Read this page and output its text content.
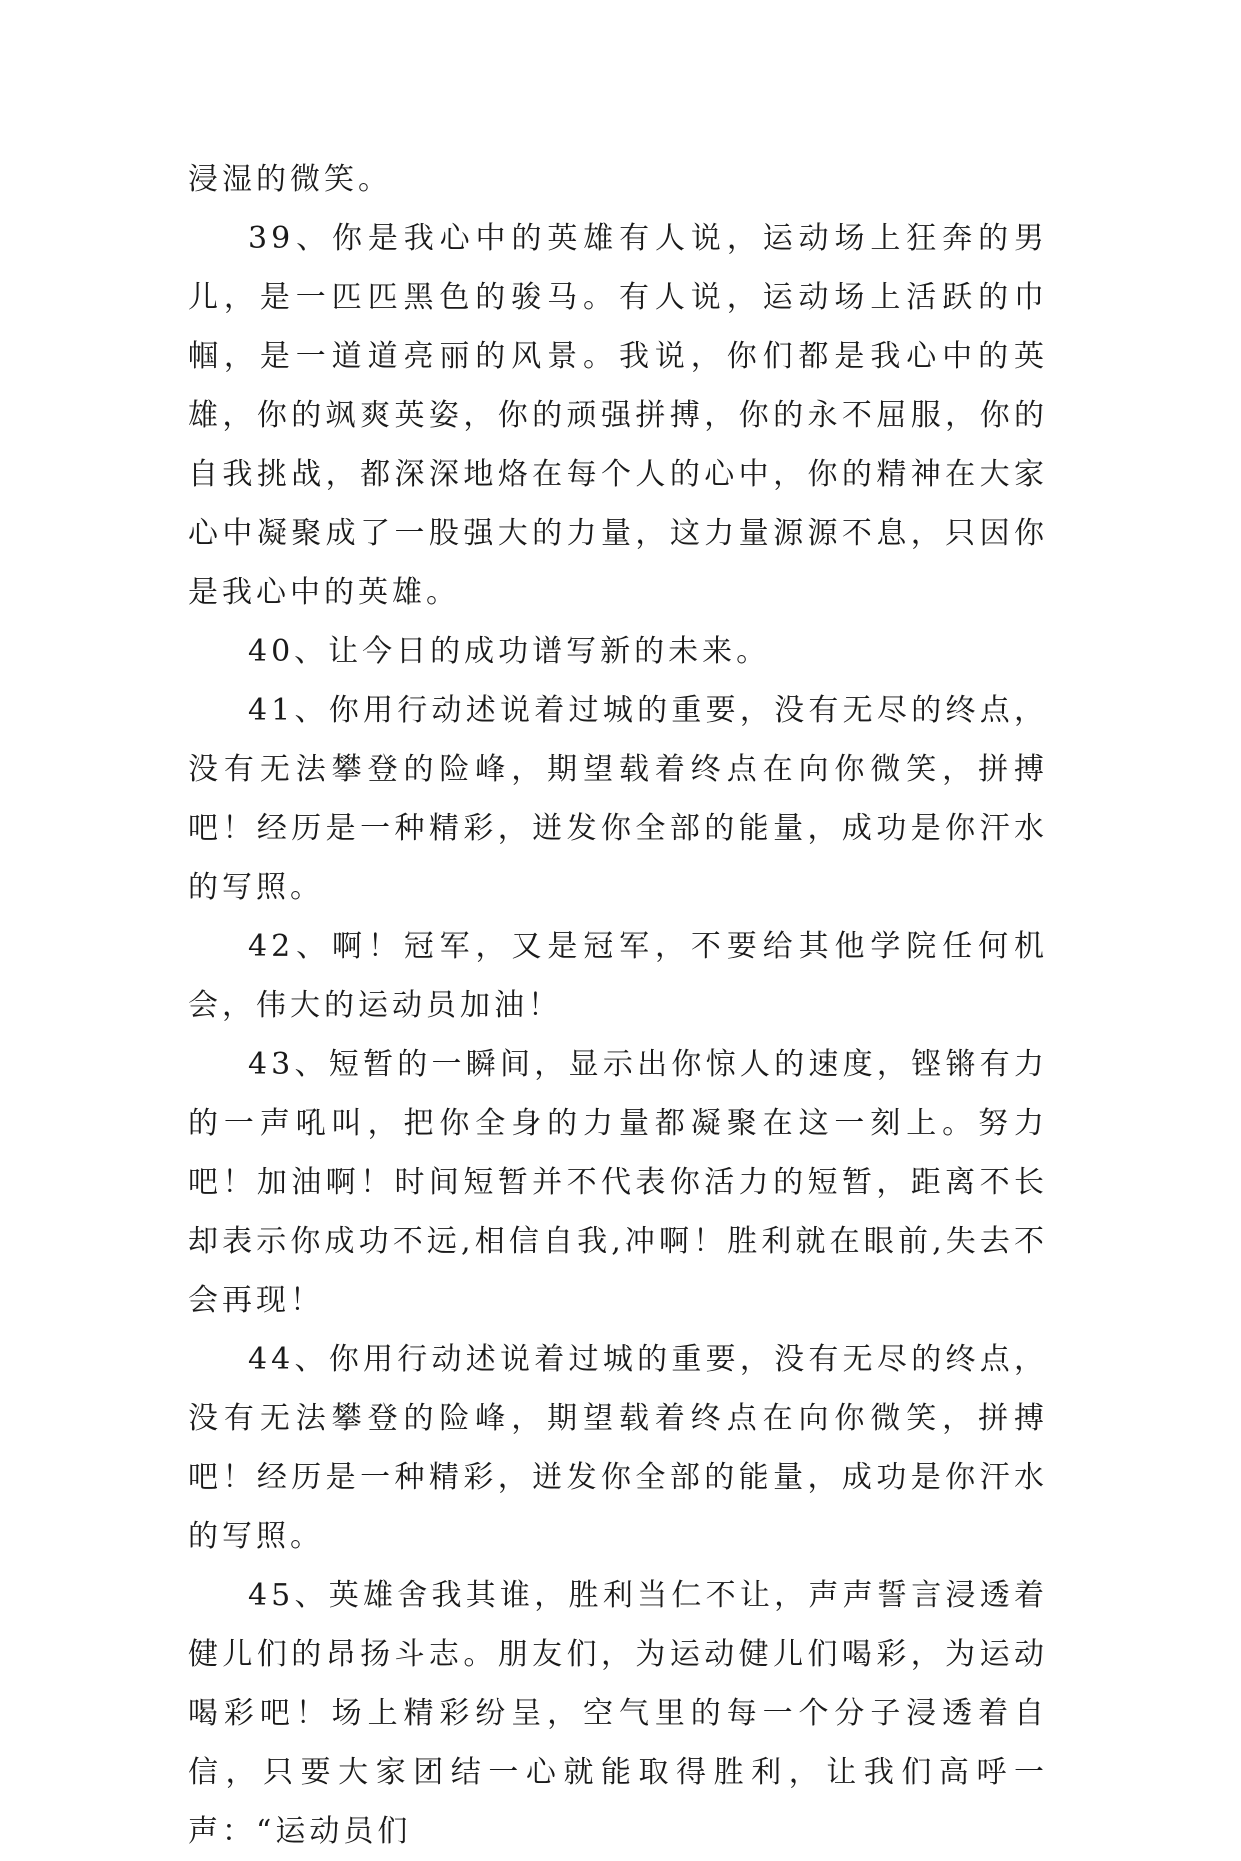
浸湿的微笑。

39、你是我心中的英雄有人说，运动场上狂奔的男儿，是一匹匹黑色的骏马。有人说，运动场上活跃的巾帼，是一道道亮丽的风景。我说，你们都是我心中的英雄，你的飒爽英姿，你的顽强拼搏，你的永不屈服，你的自我挑战，都深深地烙在每个人的心中，你的精神在大家心中凝聚成了一股强大的力量，这力量源源不息，只因你是我心中的英雄。

40、让今日的成功谱写新的未来。

41、你用行动述说着过城的重要，没有无尽的终点，没有无法攀登的险峰，期望载着终点在向你微笑，拼搏吧！经历是一种精彩，迸发你全部的能量，成功是你汗水的写照。

42、啊！冠军，又是冠军，不要给其他学院任何机会，伟大的运动员加油！

43、短暂的一瞬间，显示出你惊人的速度，铿锵有力的一声吼叫，把你全身的力量都凝聚在这一刻上。努力吧！加油啊！时间短暂并不代表你活力的短暂，距离不长却表示你成功不远,相信自我,冲啊！胜利就在眼前,失去不会再现！

44、你用行动述说着过城的重要，没有无尽的终点，没有无法攀登的险峰，期望载着终点在向你微笑，拼搏吧！经历是一种精彩，迸发你全部的能量，成功是你汗水的写照。

45、英雄舍我其谁，胜利当仁不让，声声誓言浸透着健儿们的昂扬斗志。朋友们，为运动健儿们喝彩，为运动喝彩吧！场上精彩纷呈，空气里的每一个分子浸透着自信，只要大家团结一心就能取得胜利，让我们高呼一声：“运动员们
